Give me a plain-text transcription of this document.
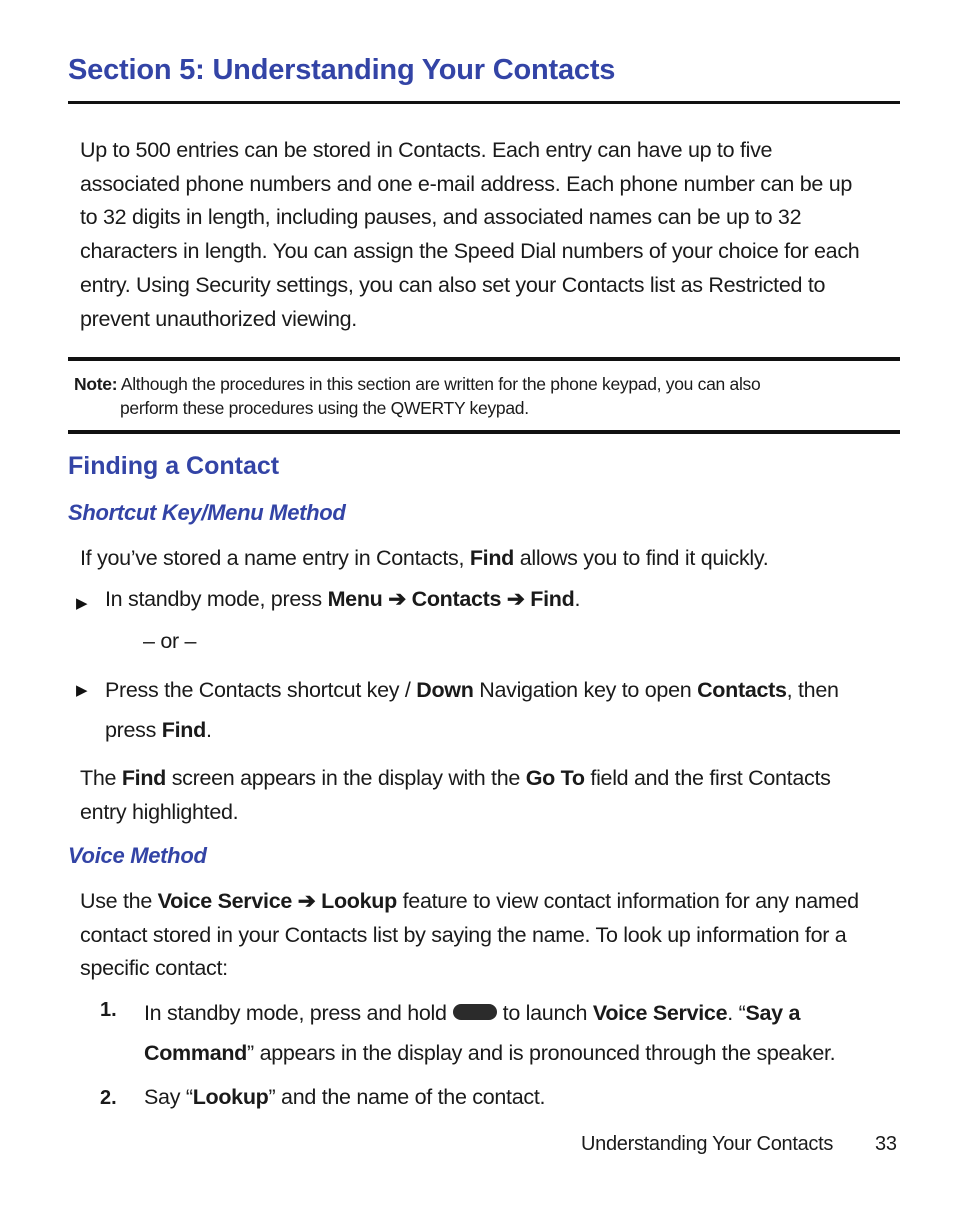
Section 5: Understanding Your Contacts
Up to 500 entries can be stored in Contacts. Each entry can have up to five
associated phone numbers and one e-mail address. Each phone number can be up
to 32 digits in length, including pauses, and associated names can be up to 32
characters in length. You can assign the Speed Dial numbers of your choice for each
entry. Using Security settings, you can also set your Contacts list as Restricted to
prevent unauthorized viewing.
Note: Although the procedures in this section are written for the phone keypad, you can also
perform these procedures using the QWERTY keypad.
Finding a Contact
Shortcut Key/Menu Method
If you’ve stored a name entry in Contacts, Find allows you to find it quickly.
▶ In standby mode, press Menu ➔ Contacts ➔ Find.
– or –
▶ Press the Contacts shortcut key / Down Navigation key to open Contacts, then
press Find.
The Find screen appears in the display with the Go To field and the first Contacts
entry highlighted.
Voice Method
Use the Voice Service ➔ Lookup feature to view contact information for any named
contact stored in your Contacts list by saying the name. To look up information for a
specific contact:
1. In standby mode, press and hold ▣ ◔ to launch Voice Service. “Say a
Command” appears in the display and is pronounced through the speaker.
2. Say “Lookup” and the name of the contact.
Understanding Your Contacts 33
